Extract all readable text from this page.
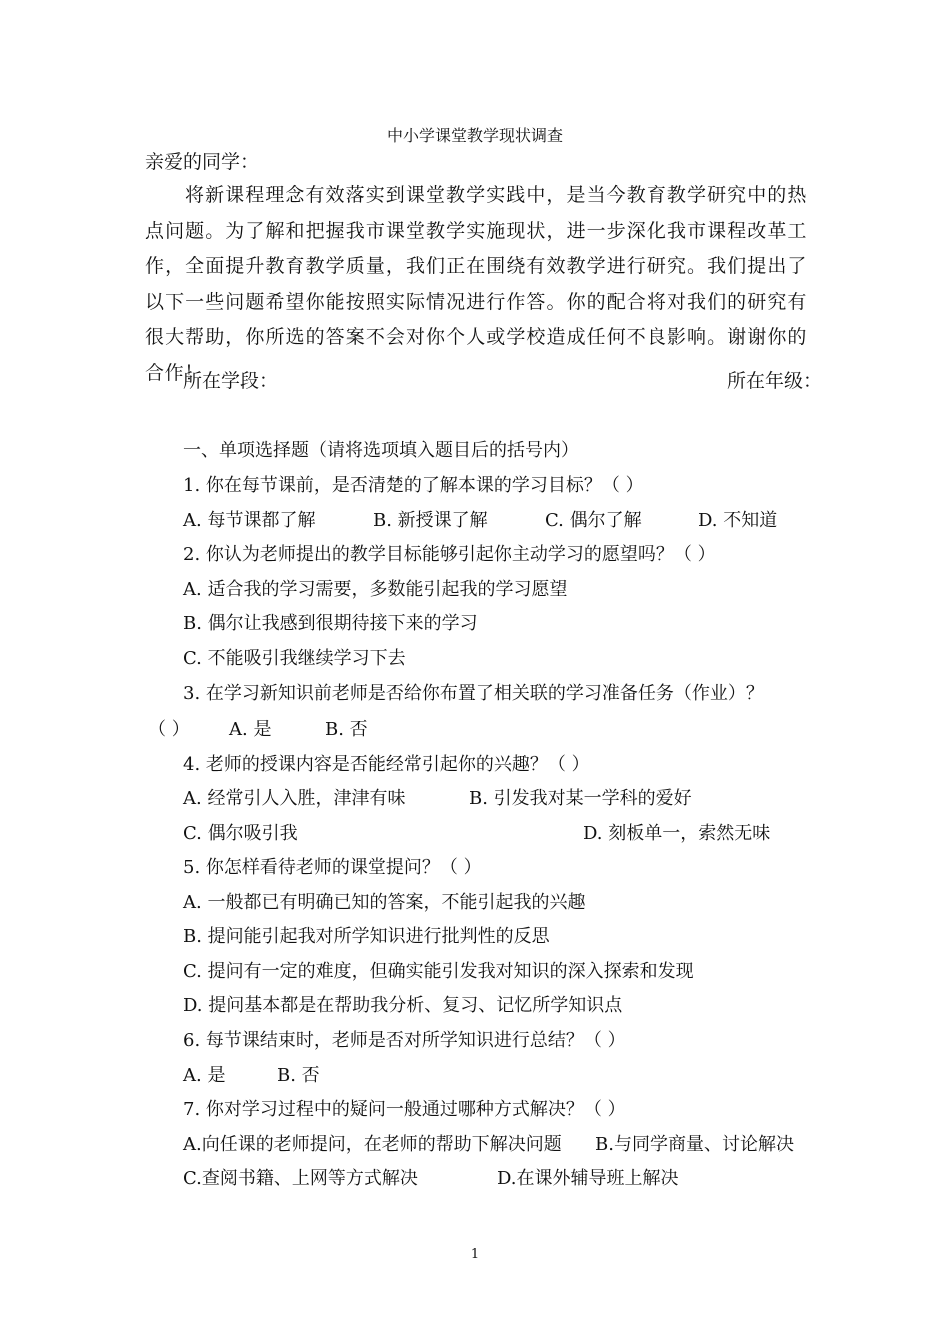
中小学课堂教学现状调查
亲爱的同学：
将新课程理念有效落实到课堂教学实践中，是当今教育教学研究中的热点问题。为了解和把握我市课堂教学实施现状，进一步深化我市课程改革工作，全面提升教育教学质量，我们正在围绕有效教学进行研究。我们提出了以下一些问题希望你能按照实际情况进行作答。你的配合将对我们的研究有很大帮助，你所选的答案不会对你个人或学校造成任何不良影响。谢谢你的合作！
所在学段：	所在年级：
一、单项选择题（请将选项填入题目后的括号内）
1. 你在每节课前，是否清楚的了解本课的学习目标？（ ）
A. 每节课都了解	B. 新授课了解	C. 偶尔了解	D. 不知道
2. 你认为老师提出的教学目标能够引起你主动学习的愿望吗？（ ）
A. 适合我的学习需要，多数能引起我的学习愿望
B. 偶尔让我感到很期待接下来的学习
C. 不能吸引我继续学习下去
3. 在学习新知识前老师是否给你布置了相关联的学习准备任务（作业）？
（ ） A. 是	B. 否
4. 老师的授课内容是否能经常引起你的兴趣？（ ）
A. 经常引人入胜，津津有味	B. 引发我对某一学科的爱好
C. 偶尔吸引我	D. 刻板单一，索然无味
5. 你怎样看待老师的课堂提问？（ ）
A. 一般都已有明确已知的答案，不能引起我的兴趣
B. 提问能引起我对所学知识进行批判性的反思
C. 提问有一定的难度，但确实能引发我对知识的深入探索和发现
D. 提问基本都是在帮助我分析、复习、记忆所学知识点
6. 每节课结束时，老师是否对所学知识进行总结？（ ）
A. 是	B. 否
7. 你对学习过程中的疑问一般通过哪种方式解决？（ ）
A.向任课的老师提问，在老师的帮助下解决问题 B.与同学商量、讨论解决
C.查阅书籍、上网等方式解决	D.在课外辅导班上解决
1
